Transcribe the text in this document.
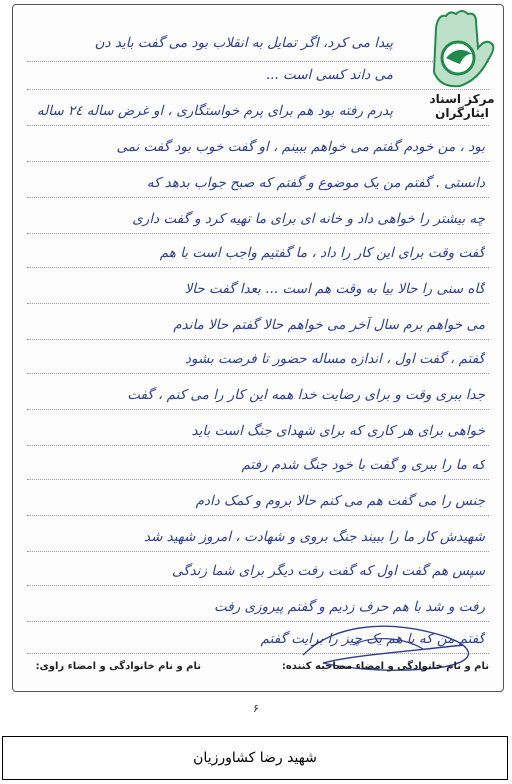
پیدا می کرد، اگر تمایل به انقلاب بود می گفت باید دن
می داند کسی است ...
پدرم رفته بود هم برای پرم خواستگاری ، او غرض ساله ٢٤ ساله
بود ، من خودم گفتم می خواهم ببینم ، او گفت خوب بود گفت نمی
دانستی . گفتم من یک موضوع و گفتم که صبح جواب بدهد که
چه بیشتر را خواهی داد و خانه ای برای ما تهیه کرد و گفت داری
گفت وقت برای این کار را داد ، ما گفتیم واجب است با هم
گاه سنی را حالا بیا به وقت هم است ... بعدا گفت حالا
می خواهم برم سال آخر می خواهم حالا گفتم حالا ماندم
گفتم ، گفت اول ، اندازه مساله حضور تا فرصت بشود
جدا ببری وقت و برای رضایت خدا همه این کار را می کنم ، گفت
خواهی برای هر کاری که برای شهدای جنگ است باید
که ما را ببری و گفت با خود جنگ شدم رفتم
جنس را می گفت هم می کنم حالا بروم و کمک دادم
شهیدش کار ما را ببیند جنگ بروی و شهادت ، امروز شهید شد
سپس هم گفت اول که گفت رفت دیگر برای شما زندگی
رفت و شد با هم حرف زدیم و گفتم پیروزی رفت
گفتم من که با هم یک چیز را برایت گفتم
نام و نام خانوادگی و امضاء مصاحبه کننده:
نام و نام خانوادگی و امضاء راوی:
مرکز اسناد ایثارگران
۶
شهید رضا کشاورزیان
